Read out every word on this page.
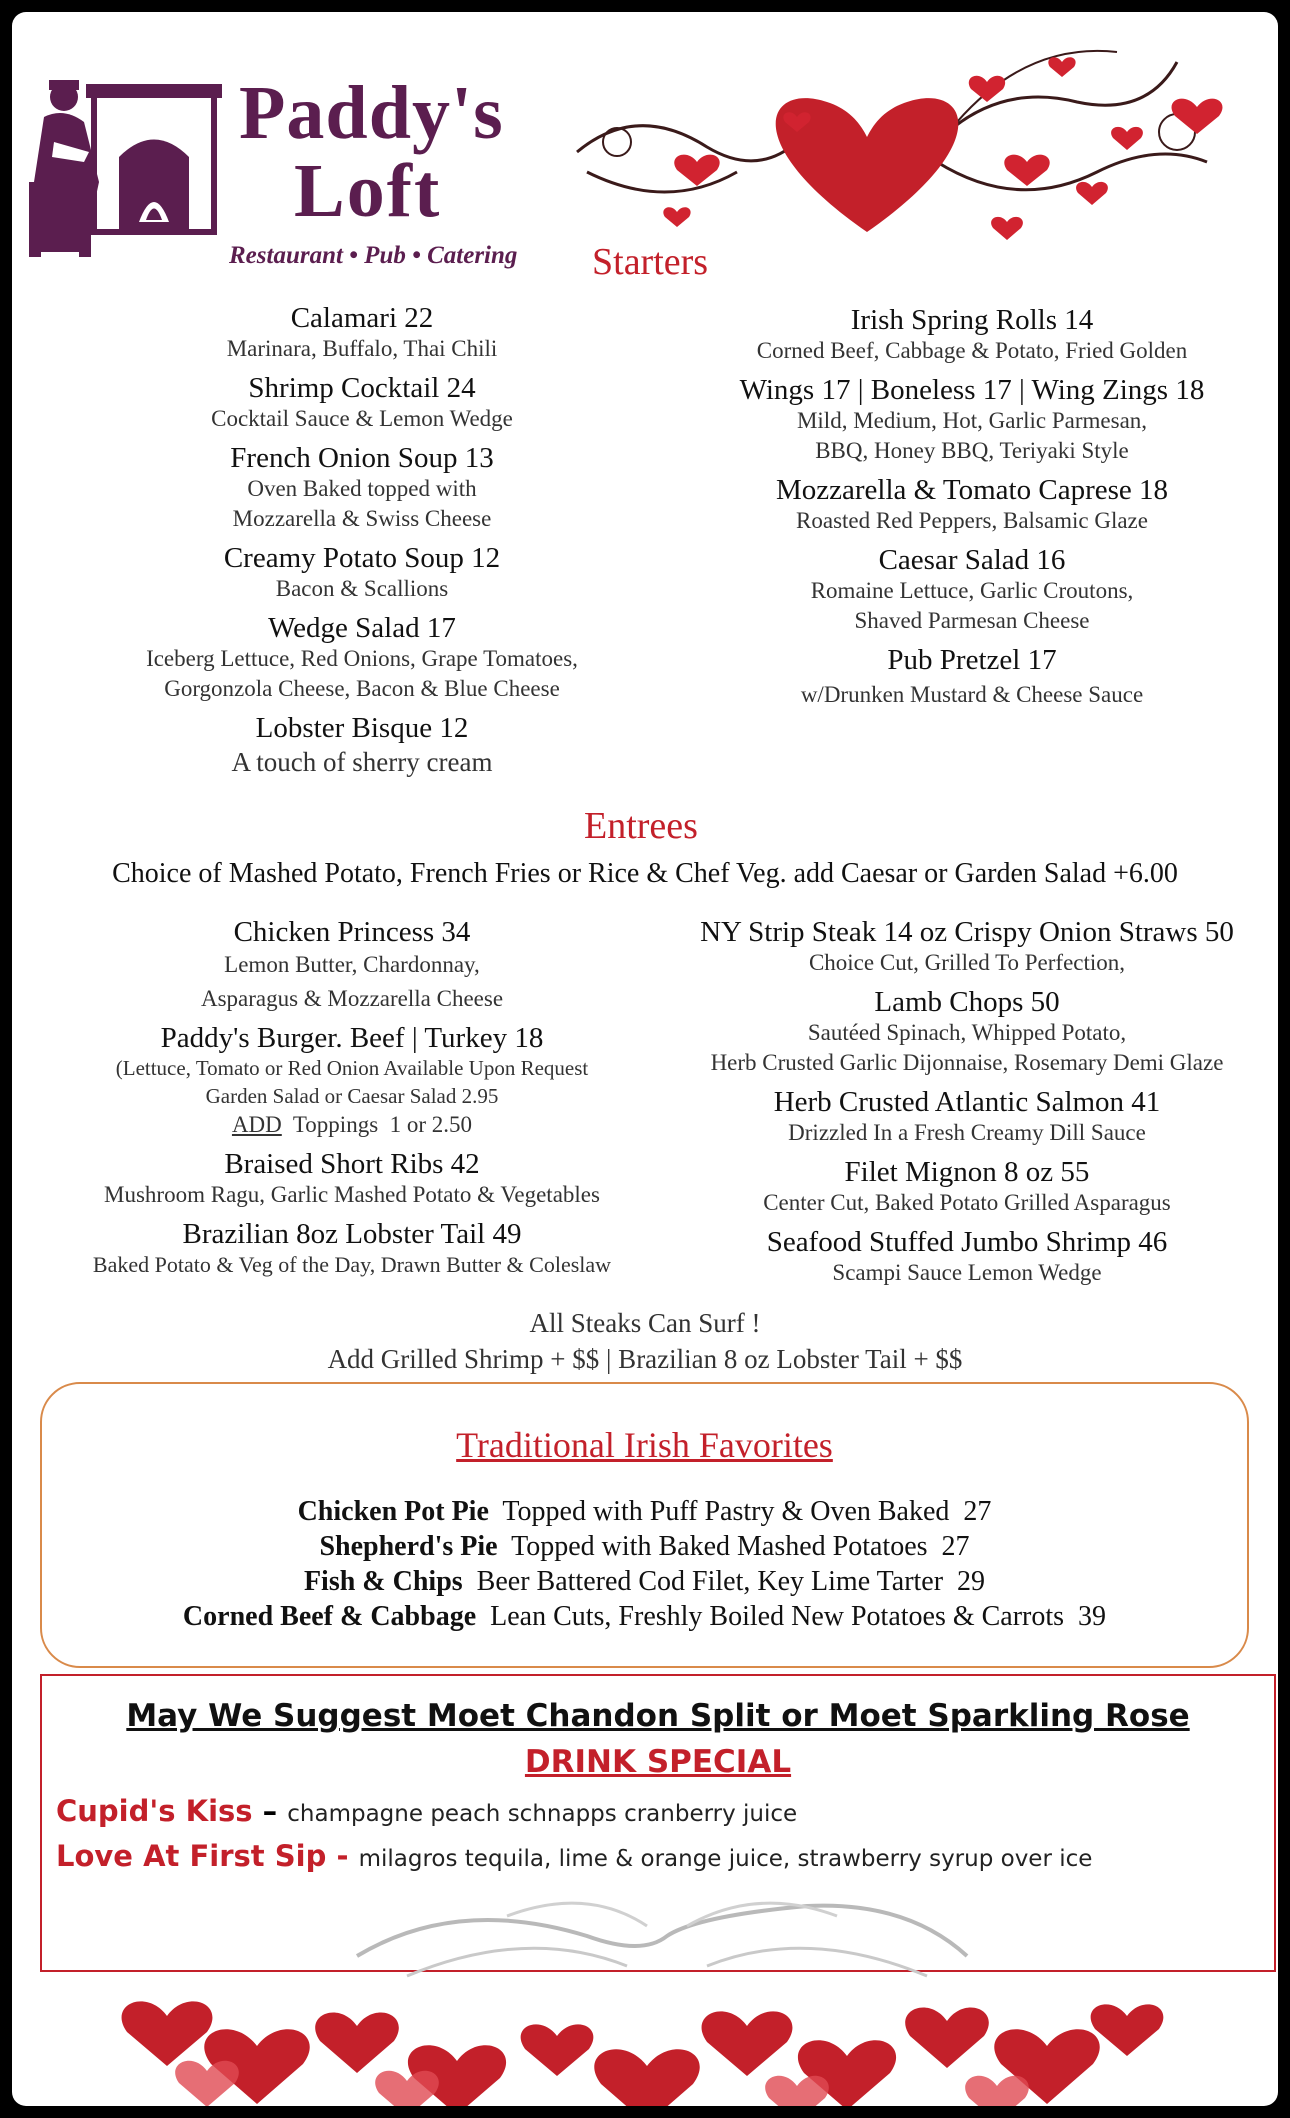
Paddy's
Loft
Restaurant • Pub • Catering Starters
Calamari 22
Marinara, Buffalo, Thai Chili
Shrimp Cocktail 24
Cocktail Sauce & Lemon Wedge
French Onion Soup 13
Oven Baked topped with
Mozzarella & Swiss Cheese
Creamy Potato Soup 12
Bacon & Scallions
Wedge Salad 17
Iceberg Lettuce, Red Onions, Grape Tomatoes,
Gorgonzola Cheese, Bacon & Blue Cheese
Lobster Bisque 12
A touch of sherry cream
Irish Spring Rolls 14
Corned Beef, Cabbage & Potato, Fried Golden
Wings 17 | Boneless 17 | Wing Zings 18
Mild, Medium, Hot, Garlic Parmesan,
BBQ, Honey BBQ, Teriyaki Style
Mozzarella & Tomato Caprese 18
Roasted Red Peppers, Balsamic Glaze
Caesar Salad 16
Romaine Lettuce, Garlic Croutons,
Shaved Parmesan Cheese
Pub Pretzel 17
w/Drunken Mustard & Cheese Sauce
Entrees
Choice of Mashed Potato, French Fries or Rice & Chef Veg. add Caesar or Garden Salad +6.00
Chicken Princess 34
Lemon Butter, Chardonnay,
Asparagus & Mozzarella Cheese
Paddy's Burger. Beef | Turkey 18
(Lettuce, Tomato or Red Onion Available Upon Request
Garden Salad or Caesar Salad 2.95
ADD  Toppings  1 or 2.50
Braised Short Ribs 42
Mushroom Ragu, Garlic Mashed Potato & Vegetables
Brazilian 8oz Lobster Tail 49
Baked Potato & Veg of the Day, Drawn Butter & Coleslaw
NY Strip Steak 14 oz Crispy Onion Straws 50
Choice Cut, Grilled To Perfection,
Lamb Chops 50
Sautéed Spinach, Whipped Potato,
Herb Crusted Garlic Dijonnaise, Rosemary Demi Glaze
Herb Crusted Atlantic Salmon 41
Drizzled In a Fresh Creamy Dill Sauce
Filet Mignon 8 oz 55
Center Cut, Baked Potato Grilled Asparagus
Seafood Stuffed Jumbo Shrimp 46
Scampi Sauce Lemon Wedge
All Steaks Can Surf !
Add Grilled Shrimp + $$ | Brazilian 8 oz Lobster Tail + $$
Traditional Irish Favorites
Chicken Pot Pie  Topped with Puff Pastry & Oven Baked  27
Shepherd's Pie  Topped with Baked Mashed Potatoes  27
Fish & Chips  Beer Battered Cod Filet, Key Lime Tarter  29
Corned Beef & Cabbage  Lean Cuts, Freshly Boiled New Potatoes & Carrots  39
May We Suggest Moet Chandon Split or Moet Sparkling Rose
DRINK SPECIAL
Cupid's Kiss – champagne peach schnapps cranberry juice
Love At First Sip - milagros tequila, lime & orange juice, strawberry syrup over ice
